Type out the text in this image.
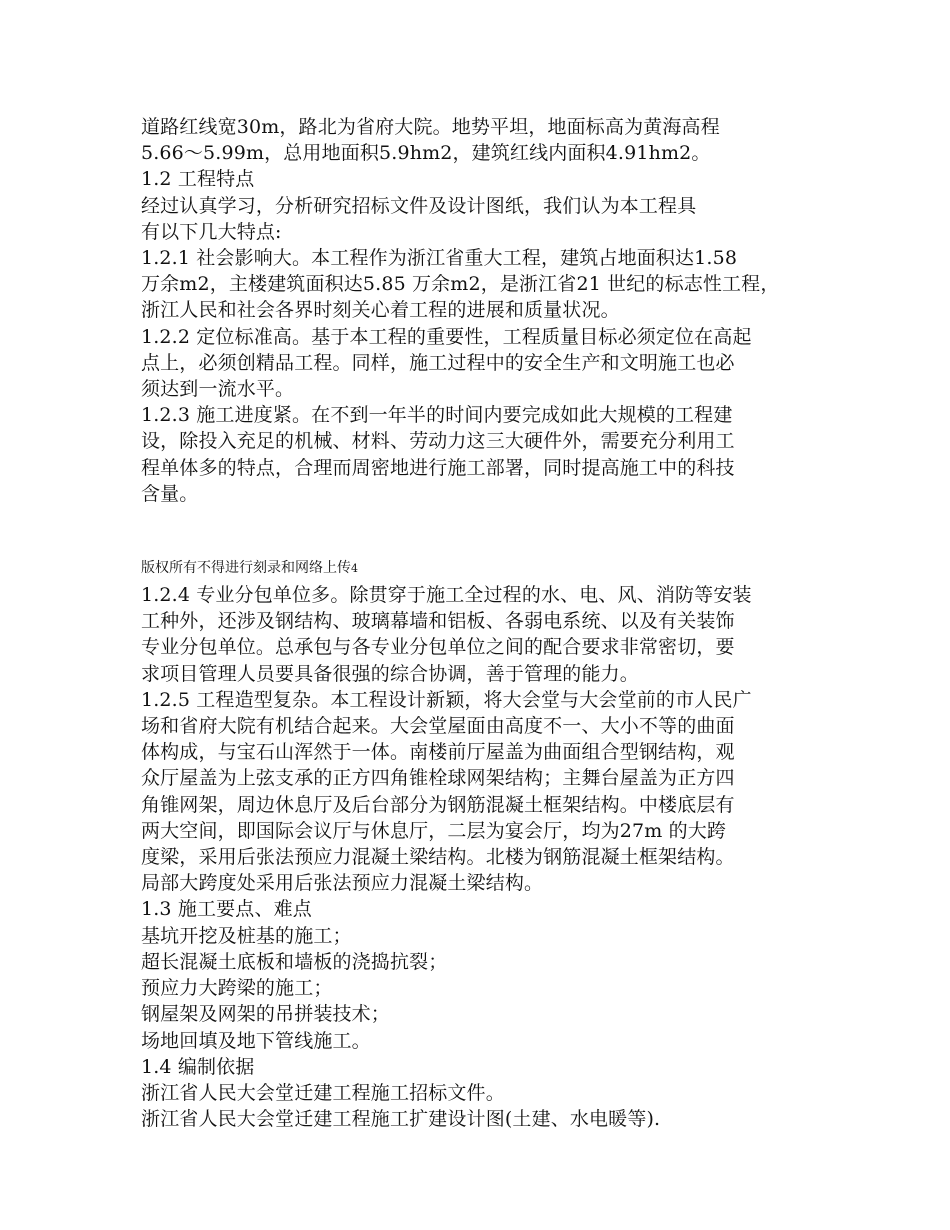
道路红线宽30m，路北为省府大院。地势平坦，地面标高为黄海高程
5.66～5.99m，总用地面积5.9hm2，建筑红线内面积4.91hm2。
1.2 工程特点
经过认真学习，分析研究招标文件及设计图纸，我们认为本工程具
有以下几大特点:
1.2.1 社会影响大。本工程作为浙江省重大工程，建筑占地面积达1.58
万余m2，主楼建筑面积达5.85 万余m2，是浙江省21 世纪的标志性工程，
浙江人民和社会各界时刻关心着工程的进展和质量状况。
1.2.2 定位标准高。基于本工程的重要性，工程质量目标必须定位在高起
点上，必须创精品工程。同样，施工过程中的安全生产和文明施工也必
须达到一流水平。
1.2.3 施工进度紧。在不到一年半的时间内要完成如此大规模的工程建
设，除投入充足的机械、材料、劳动力这三大硬件外，需要充分利用工
程单体多的特点，合理而周密地进行施工部署，同时提高施工中的科技
含量。
版权所有不得进行刻录和网络上传4
1.2.4 专业分包单位多。除贯穿于施工全过程的水、电、风、消防等安装
工种外，还涉及钢结构、玻璃幕墙和铝板、各弱电系统、以及有关装饰
专业分包单位。总承包与各专业分包单位之间的配合要求非常密切，要
求项目管理人员要具备很强的综合协调，善于管理的能力。
1.2.5 工程造型复杂。本工程设计新颖，将大会堂与大会堂前的市人民广
场和省府大院有机结合起来。大会堂屋面由高度不一、大小不等的曲面
体构成，与宝石山浑然于一体。南楼前厅屋盖为曲面组合型钢结构，观
众厅屋盖为上弦支承的正方四角锥栓球网架结构；主舞台屋盖为正方四
角锥网架，周边休息厅及后台部分为钢筋混凝土框架结构。中楼底层有
两大空间，即国际会议厅与休息厅，二层为宴会厅，均为27m 的大跨
度梁，采用后张法预应力混凝土梁结构。北楼为钢筋混凝土框架结构。
局部大跨度处采用后张法预应力混凝土梁结构。
1.3 施工要点、难点
基坑开挖及桩基的施工；
超长混凝土底板和墙板的浇捣抗裂；
预应力大跨梁的施工；
钢屋架及网架的吊拼装技术；
场地回填及地下管线施工。
1.4 编制依据
浙江省人民大会堂迁建工程施工招标文件。
浙江省人民大会堂迁建工程施工扩建设计图(土建、水电暖等).
